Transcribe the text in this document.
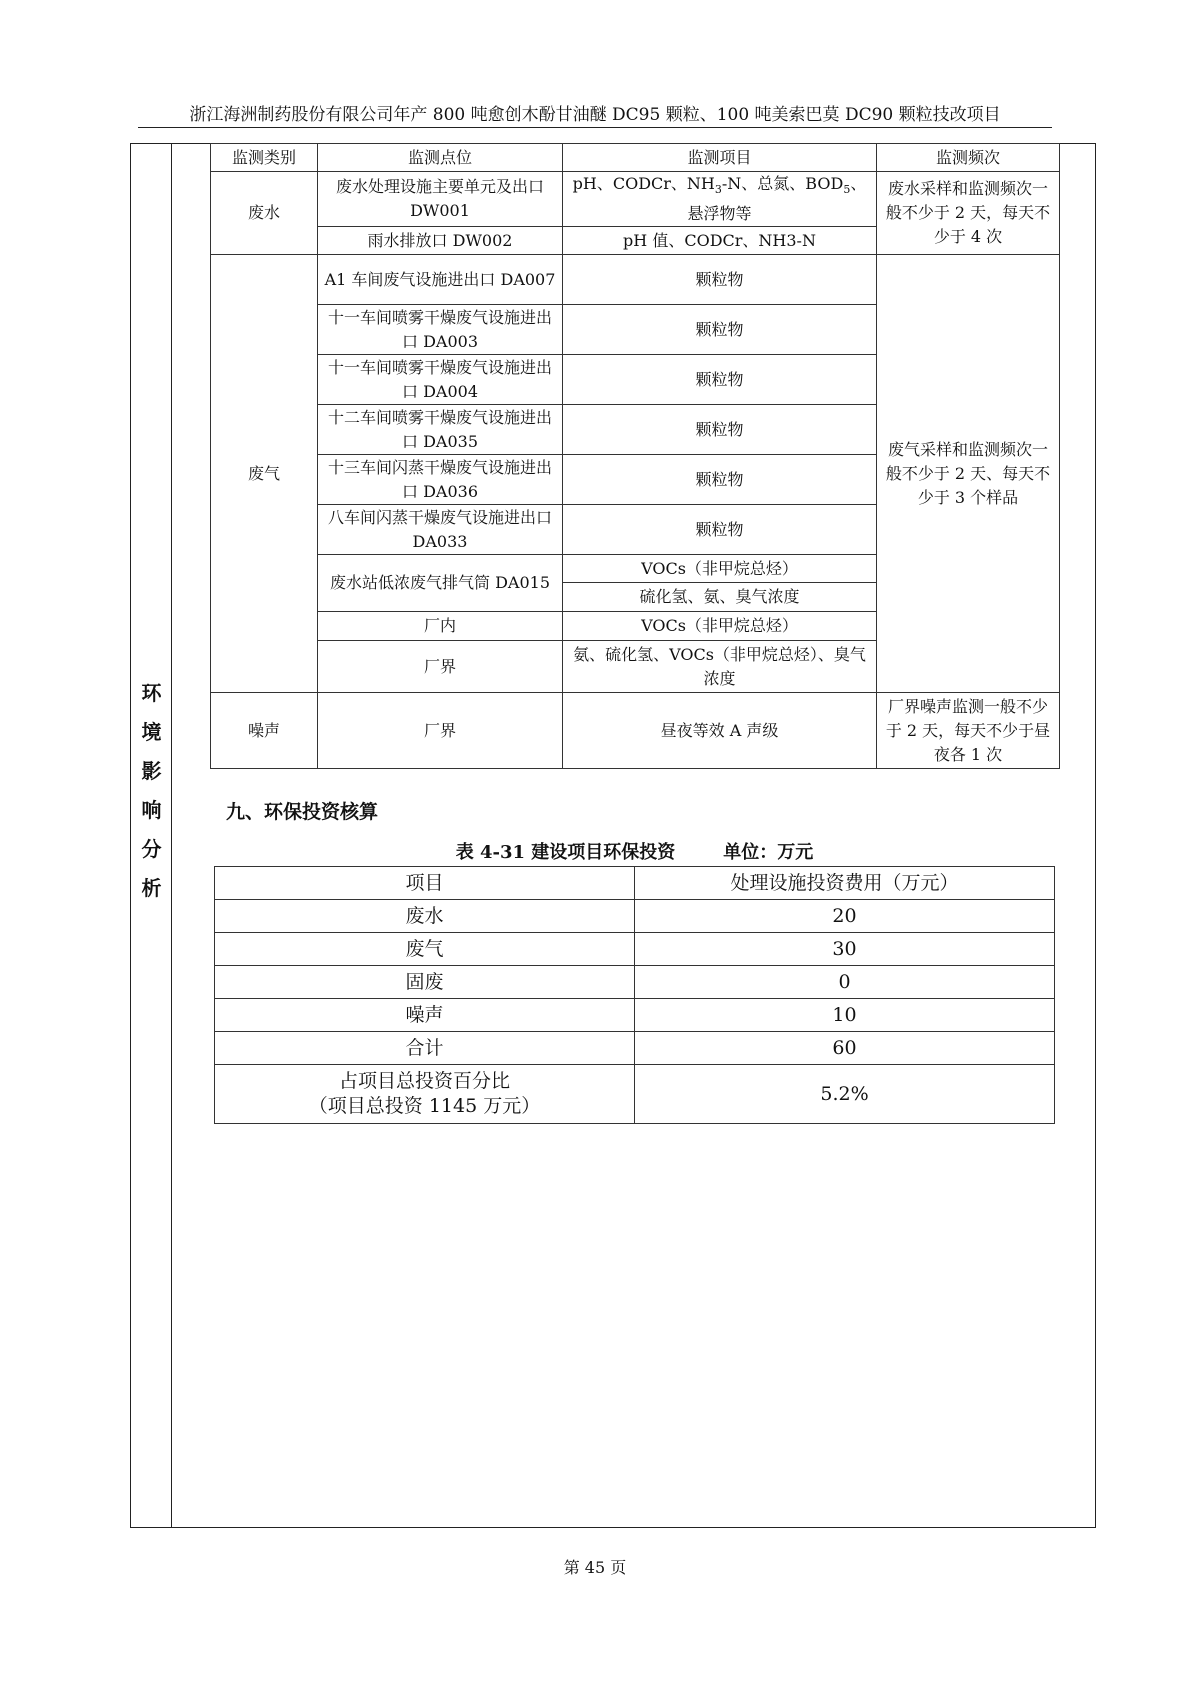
浙江海洲制药股份有限公司年产 800 吨愈创木酚甘油醚 DC95 颗粒、100 吨美索巴莫 DC90 颗粒技改项目
环
境
影
响
分
析
监测类别	监测点位	监测项目	监测频次
废水	废水处理设施主要单元及出口 DW001	pH、CODCr、$NH_3-N$、总氮、$BOD_5$、悬浮物等	废水采样和监测频次一般不少于 2 天，每天不少于 4 次
	雨水排放口 DW002	pH 值、CODCr、NH3-N	
废气	A1 车间废气设施进出口 DA007	颗粒物	废气采样和监测频次一般不少于 2 天、每天不少于 3 个样品
	十一车间喷雾干燥废气设施进出口 DA003	颗粒物	
	十一车间喷雾干燥废气设施进出口 DA004	颗粒物	
	十二车间喷雾干燥废气设施进出口 DA035	颗粒物	
	十三车间闪蒸干燥废气设施进出口 DA036	颗粒物	
	八车间闪蒸干燥废气设施进出口 DA033	颗粒物	
	废水站低浓废气排气筒 DA015	VOCs（非甲烷总烃）	
		硫化氢、氨、臭气浓度	
	厂内	VOCs（非甲烷总烃）	
	厂界	氨、硫化氢、VOCs（非甲烷总烃）、臭气浓度	
噪声	厂界	昼夜等效 A 声级	厂界噪声监测一般不少于 2 天，每天不少于昼夜各 1 次
九、环保投资核算
表 4-31 建设项目环保投资	单位：万元
项目	处理设施投资费用（万元）
废水	20
废气	30
固废	0
噪声	10
合计	60

占项目总投资百分比
（项目总投资 1145 万元）	5.2%
第 45 页
